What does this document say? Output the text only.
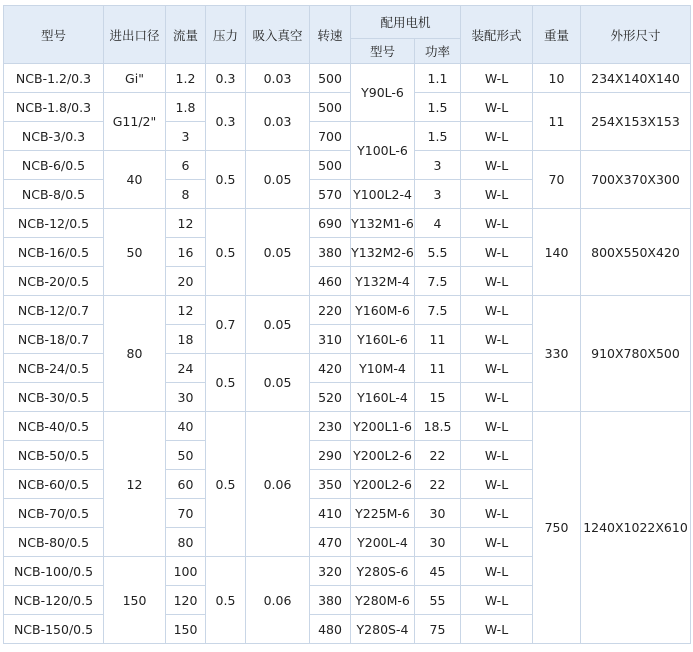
型号	进出口径	流量	压力	吸入真空	转速	配用电机		装配形式	重量	外形尺寸
						型号	功率			
NCB-1.2/0.3	Gi"	1.2	0.3	0.03	500	Y90L-6	1.1	W-L	10	234X140X140
NCB-1.8/0.3	G11/2"	1.8	0.3	0.03	500		1.5	W-L	11	254X153X153
NCB-3/0.3		3			700	Y100L-6	1.5	W-L		
NCB-6/0.5	40	6	0.5	0.05	500		3	W-L	70	700X370X300
NCB-8/0.5		8			570	Y100L2-4	3	W-L		
NCB-12/0.5	50	12	0.5	0.05	690	Y132M1-6	4	W-L	140	800X550X420
NCB-16/0.5		16			380	Y132M2-6	5.5	W-L		
NCB-20/0.5		20			460	Y132M-4	7.5	W-L		
NCB-12/0.7	80	12	0.7	0.05	220	Y160M-6	7.5	W-L	330	910X780X500
NCB-18/0.7		18			310	Y160L-6	11	W-L		
NCB-24/0.5		24	0.5	0.05	420	Y10M-4	11	W-L		
NCB-30/0.5		30			520	Y160L-4	15	W-L		
NCB-40/0.5	12	40	0.5	0.06	230	Y200L1-6	18.5	W-L	750	1240X1022X610
NCB-50/0.5		50			290	Y200L2-6	22	W-L		
NCB-60/0.5		60			350	Y200L2-6	22	W-L		
NCB-70/0.5		70			410	Y225M-6	30	W-L		
NCB-80/0.5		80			470	Y200L-4	30	W-L		
NCB-100/0.5	150	100	0.5	0.06	320	Y280S-6	45	W-L		
NCB-120/0.5		120			380	Y280M-6	55	W-L		
NCB-150/0.5		150			480	Y280S-4	75	W-L		
